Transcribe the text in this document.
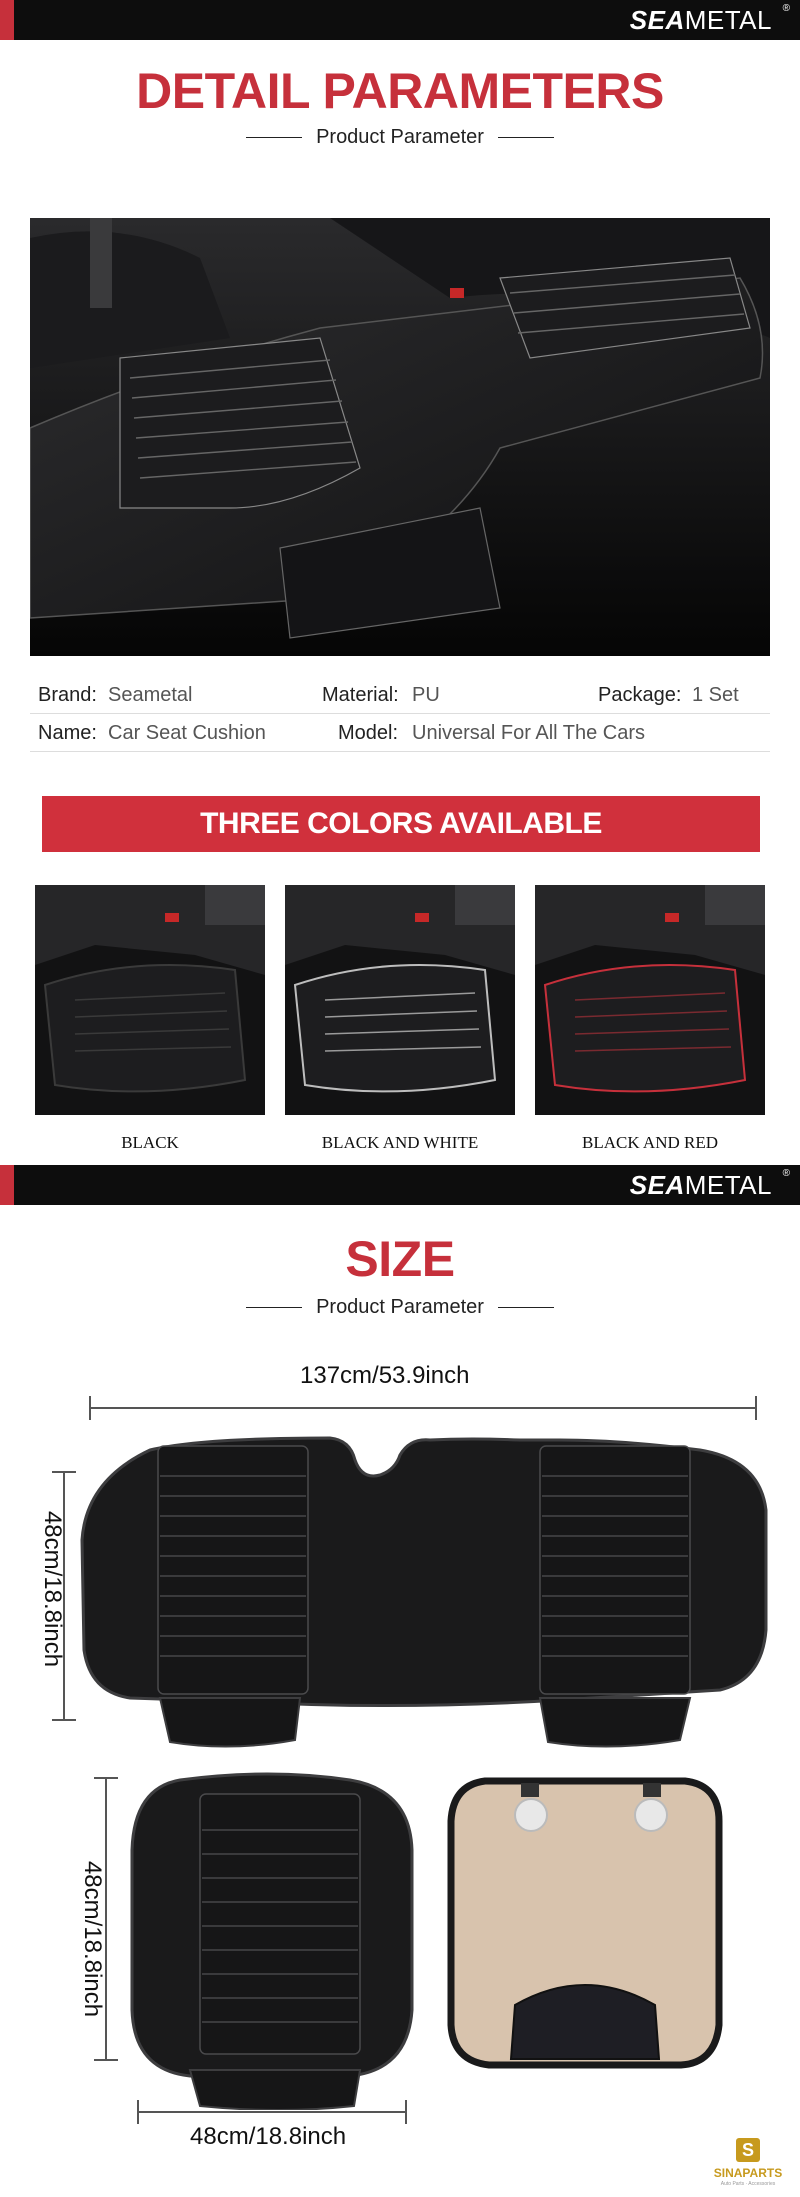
SEAMETAL ®
DETAIL PARAMETERS
Product Parameter
Brand: Seametal	Material: PU	Package: 1 Set
Name: Car Seat Cushion	Model: Universal For All The Cars
THREE COLORS AVAILABLE
BLACK	BLACK AND WHITE	BLACK AND RED
SEAMETAL ®
SIZE
Product Parameter
137cm/53.9inch
48cm/18.8inch
48cm/18.8inch
48cm/18.8inch	S
SINAPARTS
Auto Parts · Accessories
